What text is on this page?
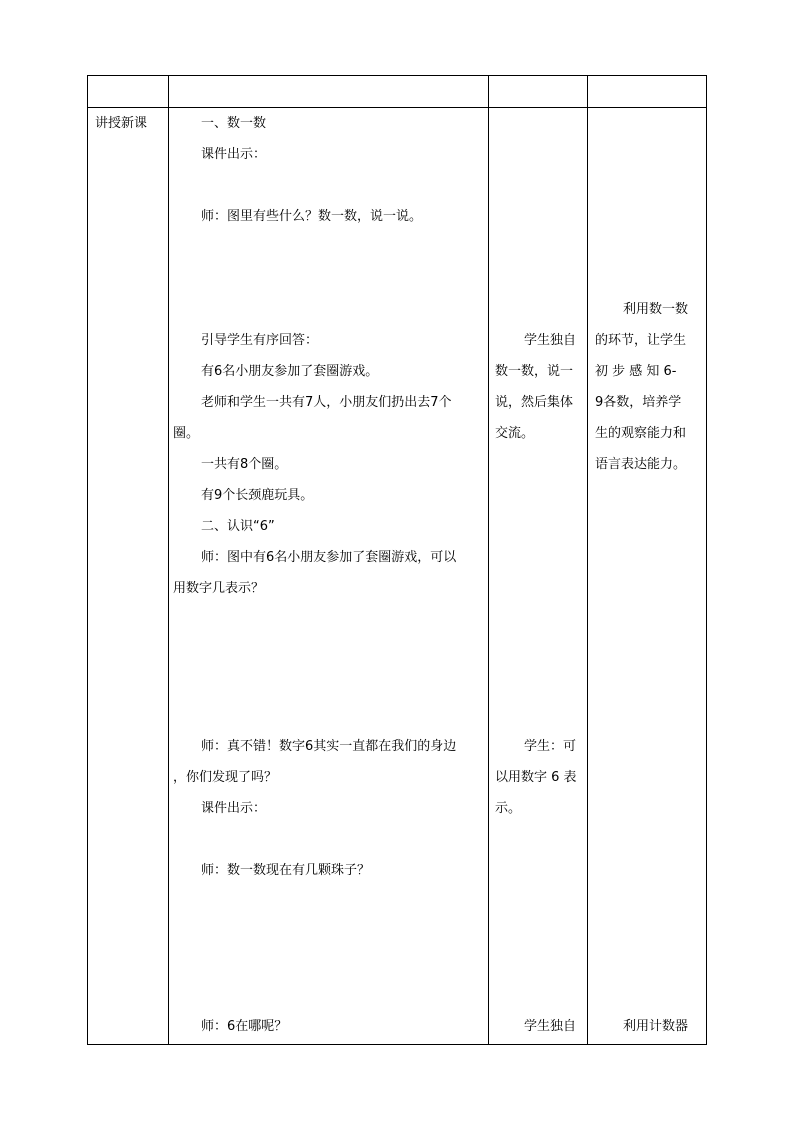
讲授新课	一、数一数
课件出示：
师：图里有些什么？数一数，说一说。
引导学生有序回答：
有6名小朋友参加了套圈游戏。
老师和学生一共有7人，小朋友们扔出去7个
圈。
一共有8个圈。
有9个长颈鹿玩具。
二、认识“6”
师：图中有6名小朋友参加了套圈游戏，可以
用数字几表示？
师：真不错！数字6其实一直都在我们的身边
，你们发现了吗？
课件出示：
师：数一数现在有几颗珠子？
师：6在哪呢？
学生独自
数一数，说一
说，然后集体
交流。
学生：可
以用数字 6 表
示。
学生独自
利用数一数
的环节，让学生
初 步 感 知 6-
9各数，培养学
生的观察能力和
语言表达能力。
利用计数器
